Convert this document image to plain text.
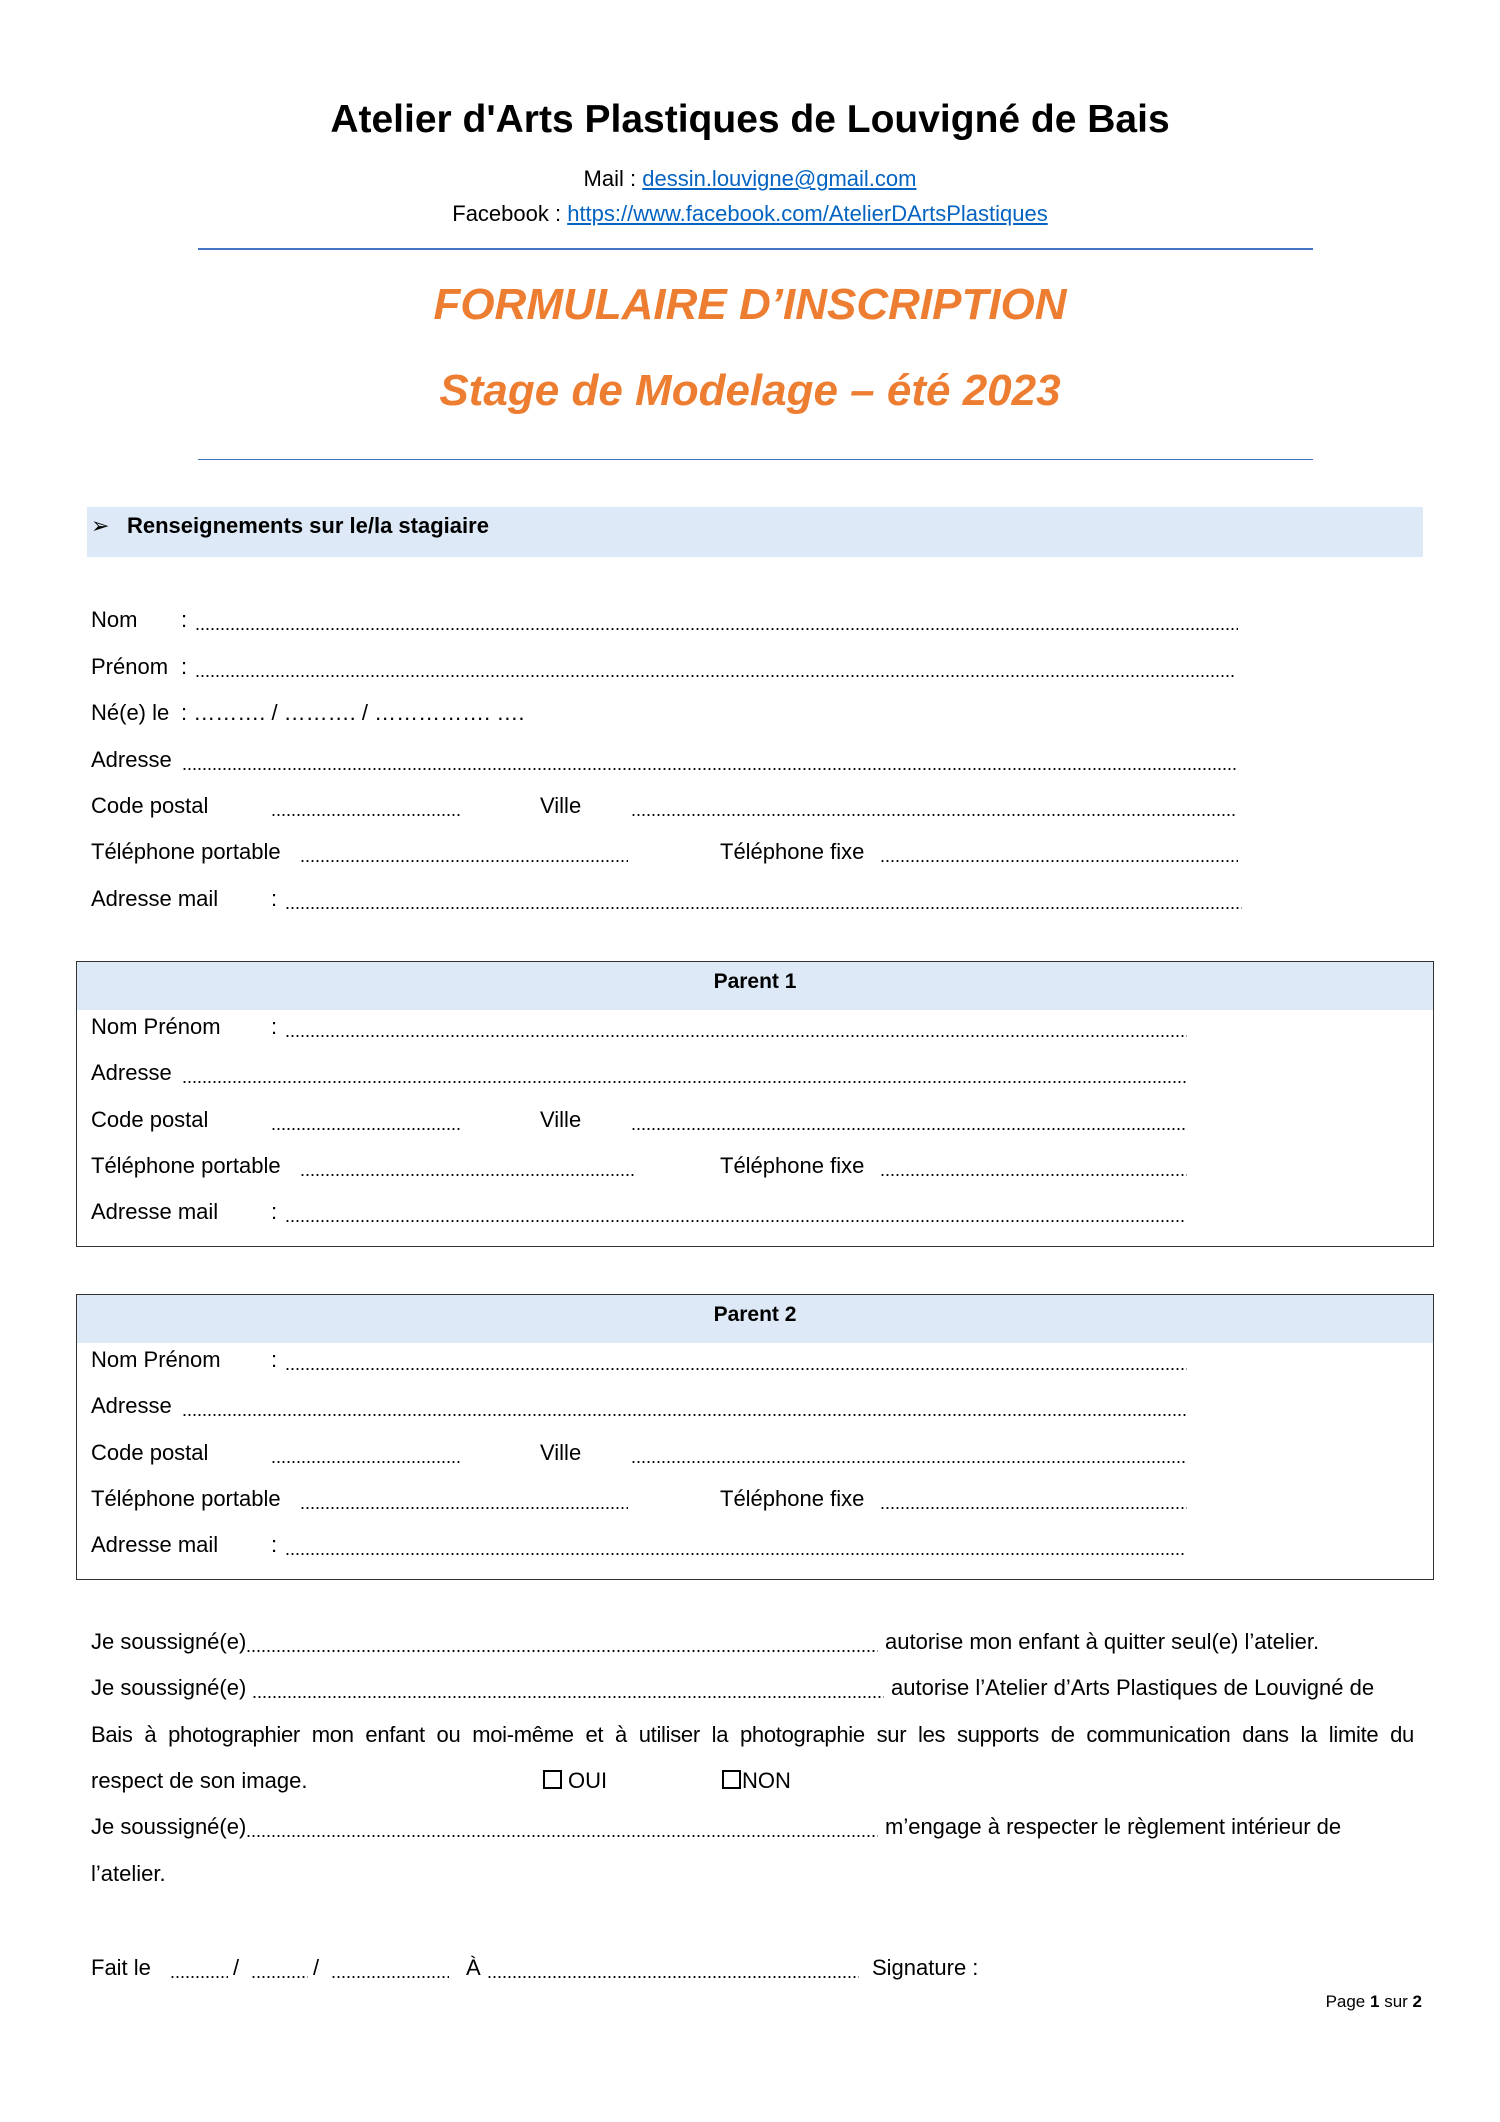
Atelier d'Arts Plastiques de Louvigné de Bais
Mail : dessin.louvigne@gmail.com
Facebook : https://www.facebook.com/AtelierDArtsPlastiques
FORMULAIRE D’INSCRIPTION
Stage de Modelage – été 2023
➢ Renseignements sur le/la stagiaire
Nom :
Prénom :
Né(e) le : ………. / ………. / ……………. ….
Adresse
Code postal	Ville
Téléphone portable	Téléphone fixe
Adresse mail :
Parent 1
Nom Prénom :
Adresse
Code postal	Ville
Téléphone portable	Téléphone fixe
Adresse mail :
Parent 2
Nom Prénom :
Adresse
Code postal	Ville
Téléphone portable	Téléphone fixe
Adresse mail :
Je soussigné(e)	autorise mon enfant à quitter seul(e) l’atelier.
Je soussigné(e)	autorise l’Atelier d’Arts Plastiques de Louvigné de
Bais à photographier mon enfant ou moi-même et à utiliser la photographie sur les supports de communication dans la limite du
respect de son image.	OUI	NON
Je soussigné(e)	m’engage à respecter le règlement intérieur de
l’atelier.
Fait le	/	/	À	Signature :
Page 1 sur 2
